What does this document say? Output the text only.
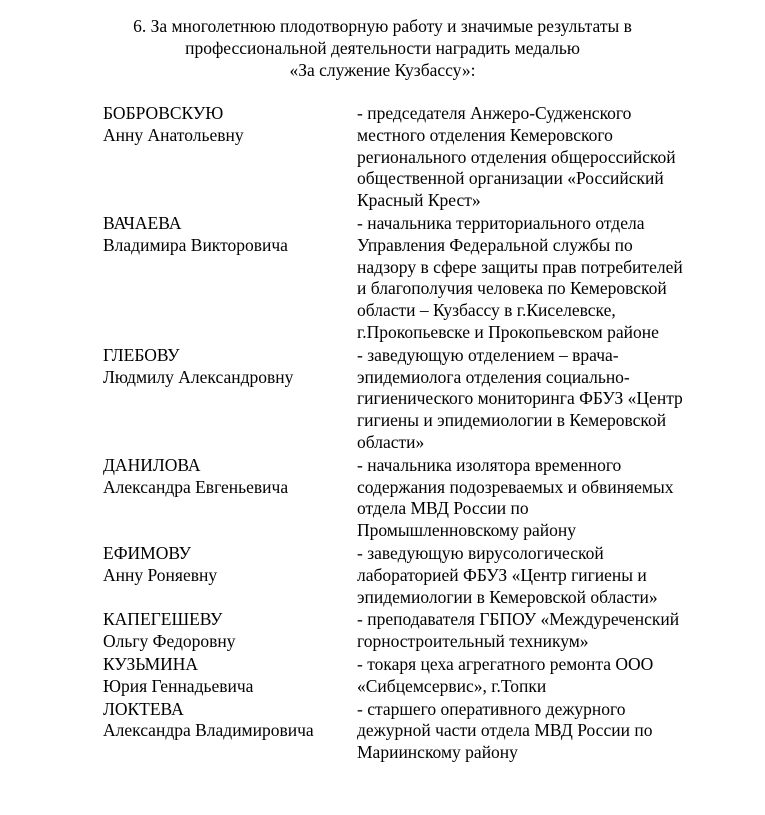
6. За многолетнюю плодотворную работу и значимые результаты в
профессиональной деятельности наградить медалью
«За служение Кузбассу»:
БОБРОВСКУЮ
Анну Анатольевну
- председателя Анжеро-Судженского
местного отделения Кемеровского
регионального отделения общероссийской
общественной организации «Российский
Красный Крест»
ВАЧАЕВА
Владимира Викторовича
- начальника территориального отдела
Управления Федеральной службы по
надзору в сфере защиты прав потребителей
и благополучия человека по Кемеровской
области – Кузбассу в г.Киселевске,
г.Прокопьевске и Прокопьевском районе
ГЛЕБОВУ
Людмилу Александровну
- заведующую отделением – врача-
эпидемиолога отделения социально-
гигиенического мониторинга ФБУЗ «Центр
гигиены и эпидемиологии в Кемеровской
области»
ДАНИЛОВА
Александра Евгеньевича
- начальника изолятора временного
содержания подозреваемых и обвиняемых
отдела МВД России по
Промышленновскому району
ЕФИМОВУ
Анну Роняевну
- заведующую вирусологической
лабораторией ФБУЗ «Центр гигиены и
эпидемиологии в Кемеровской области»
КАПЕГЕШЕВУ
Ольгу Федоровну
- преподавателя ГБПОУ «Междуреченский
горностроительный техникум»
КУЗЬМИНА
Юрия Геннадьевича
- токаря цеха агрегатного ремонта ООО
«Сибцемсервис», г.Топки
ЛОКТЕВА
Александра Владимировича
- старшего оперативного дежурного
дежурной части отдела МВД России по
Мариинскому району
